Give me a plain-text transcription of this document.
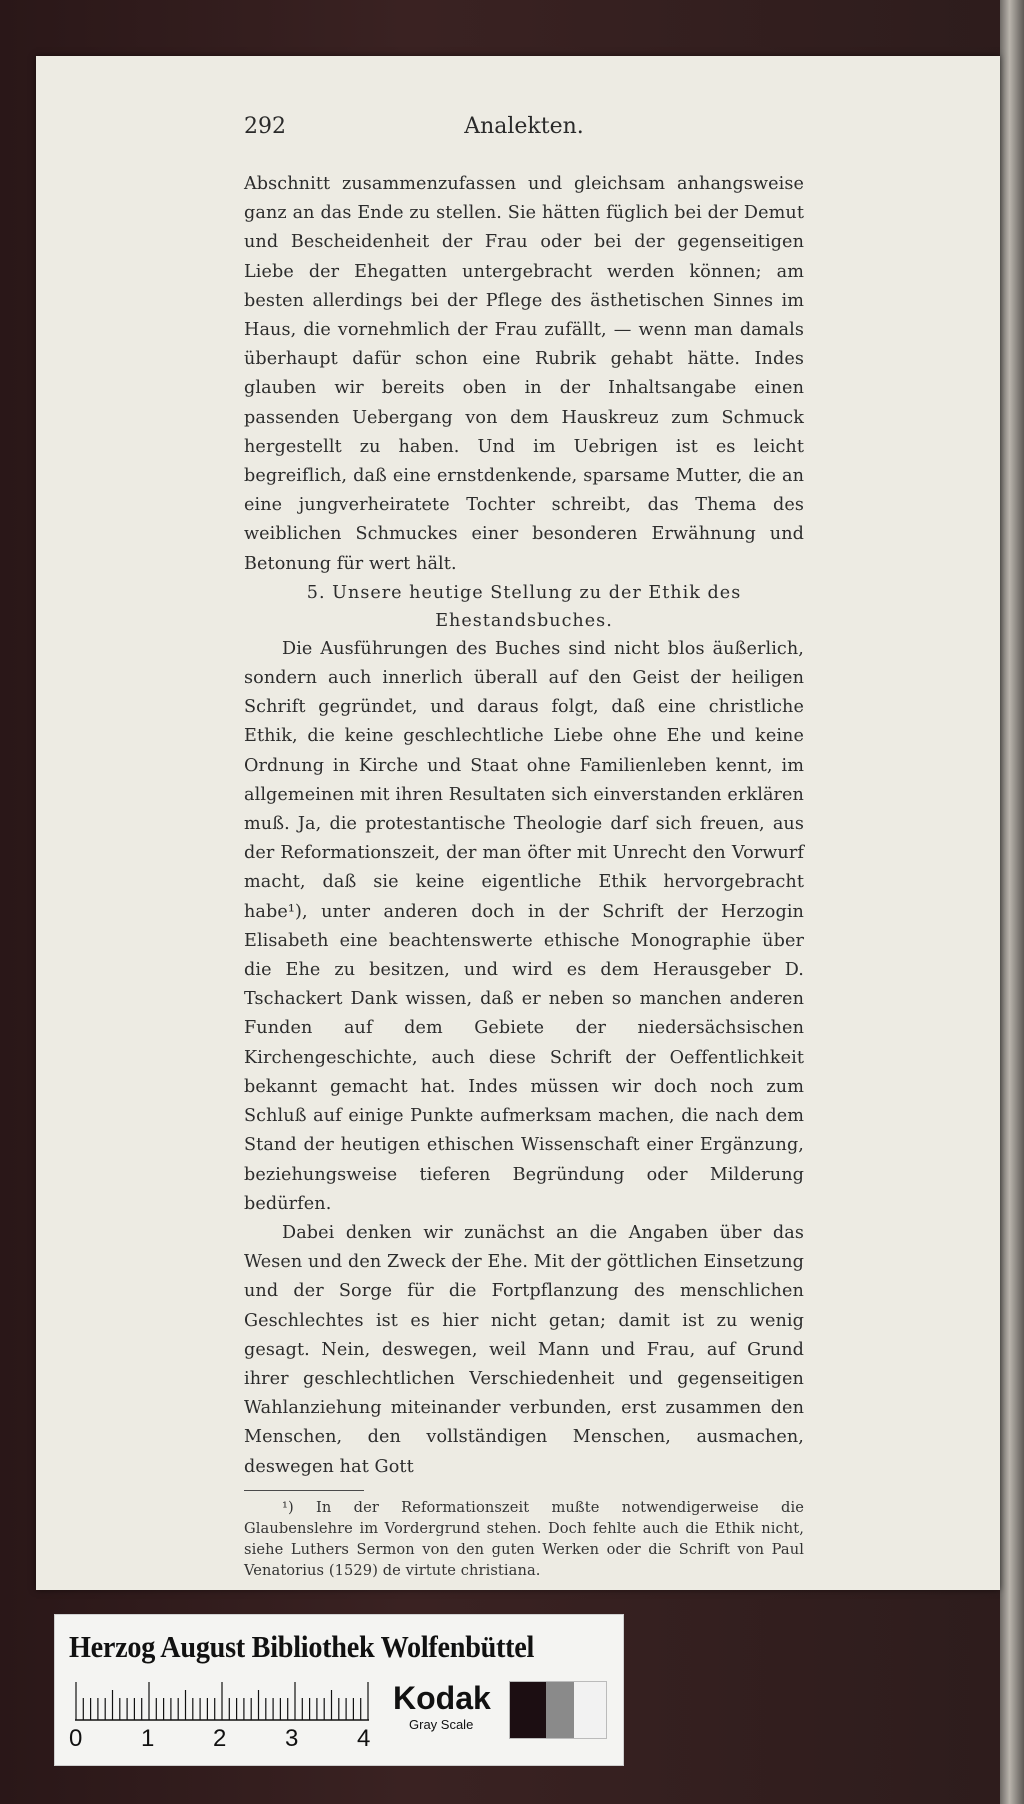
292	Analekten.

Abschnitt zusammenzufassen und gleichsam anhangsweise ganz an das Ende zu stellen. Sie hätten füglich bei der Demut und Bescheidenheit der Frau oder bei der gegenseitigen Liebe der Ehegatten untergebracht werden können; am besten allerdings bei der Pflege des ästhetischen Sinnes im Haus, die vornehmlich der Frau zufällt, — wenn man damals überhaupt dafür schon eine Rubrik gehabt hätte. Indes glauben wir bereits oben in der Inhaltsangabe einen passenden Uebergang von dem Hauskreuz zum Schmuck hergestellt zu haben. Und im Uebrigen ist es leicht begreiflich, daß eine ernstdenkende, sparsame Mutter, die an eine jungverheiratete Tochter schreibt, das Thema des weiblichen Schmuckes einer besonderen Erwähnung und Betonung für wert hält.

5. Unsere heutige Stellung zu der Ethik des Ehestandsbuches.

Die Ausführungen des Buches sind nicht blos äußerlich, sondern auch innerlich überall auf den Geist der heiligen Schrift gegründet, und daraus folgt, daß eine christliche Ethik, die keine geschlechtliche Liebe ohne Ehe und keine Ordnung in Kirche und Staat ohne Familienleben kennt, im allgemeinen mit ihren Resultaten sich einverstanden erklären muß. Ja, die protestantische Theologie darf sich freuen, aus der Reformationszeit, der man öfter mit Unrecht den Vorwurf macht, daß sie keine eigentliche Ethik hervorgebracht habe¹), unter anderen doch in der Schrift der Herzogin Elisabeth eine beachtenswerte ethische Monographie über die Ehe zu besitzen, und wird es dem Herausgeber D. Tschackert Dank wissen, daß er neben so manchen anderen Funden auf dem Gebiete der niedersächsischen Kirchengeschichte, auch diese Schrift der Oeffentlichkeit bekannt gemacht hat. Indes müssen wir doch noch zum Schluß auf einige Punkte aufmerksam machen, die nach dem Stand der heutigen ethischen Wissenschaft einer Ergänzung, beziehungsweise tieferen Begründung oder Milderung bedürfen.

Dabei denken wir zunächst an die Angaben über das Wesen und den Zweck der Ehe. Mit der göttlichen Einsetzung und der Sorge für die Fortpflanzung des menschlichen Geschlechtes ist es hier nicht getan; damit ist zu wenig gesagt. Nein, deswegen, weil Mann und Frau, auf Grund ihrer geschlechtlichen Verschiedenheit und gegenseitigen Wahlanziehung miteinander verbunden, erst zusammen den Menschen, den vollständigen Menschen, ausmachen, deswegen hat Gott

¹) In der Reformationszeit mußte notwendigerweise die Glaubenslehre im Vordergrund stehen. Doch fehlte auch die Ethik nicht, siehe Luthers Sermon von den guten Werken oder die Schrift von Paul Venatorius (1529) de virtute christiana.

Herzog August Bibliothek Wolfenbüttel
0 1 2 3 4
Kodak
Gray Scale
